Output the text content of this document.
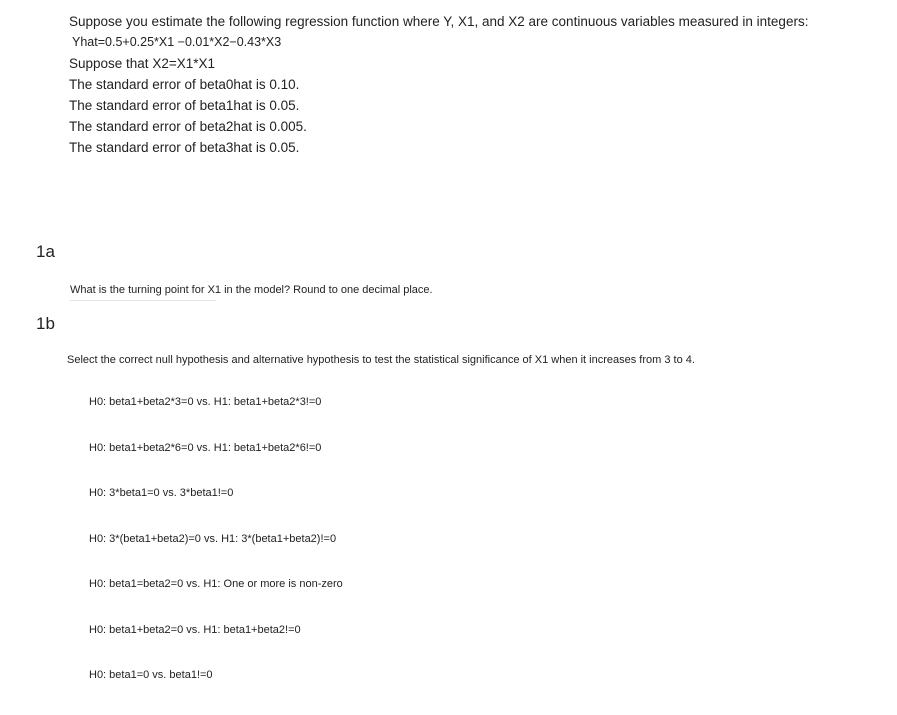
Suppose you estimate the following regression function where Y, X1, and X2 are continuous variables measured in integers:
Yhat=0.5+0.25*X1 −0.01*X2−0.43*X3
Suppose that X2=X1*X1
The standard error of beta0hat is 0.10.
The standard error of beta1hat is 0.05.
The standard error of beta2hat is 0.005.
The standard error of beta3hat is 0.05.
1a
What is the turning point for X1 in the model? Round to one decimal place.
1b
Select the correct null hypothesis and alternative hypothesis to test the statistical significance of X1 when it increases from 3 to 4.
H0: beta1+beta2*3=0 vs. H1: beta1+beta2*3!=0
H0: beta1+beta2*6=0 vs. H1: beta1+beta2*6!=0
H0: 3*beta1=0 vs. 3*beta1!=0
H0: 3*(beta1+beta2)=0 vs. H1: 3*(beta1+beta2)!=0
H0: beta1=beta2=0 vs. H1: One or more is non-zero
H0: beta1+beta2=0 vs. H1: beta1+beta2!=0
H0: beta1=0 vs. beta1!=0
